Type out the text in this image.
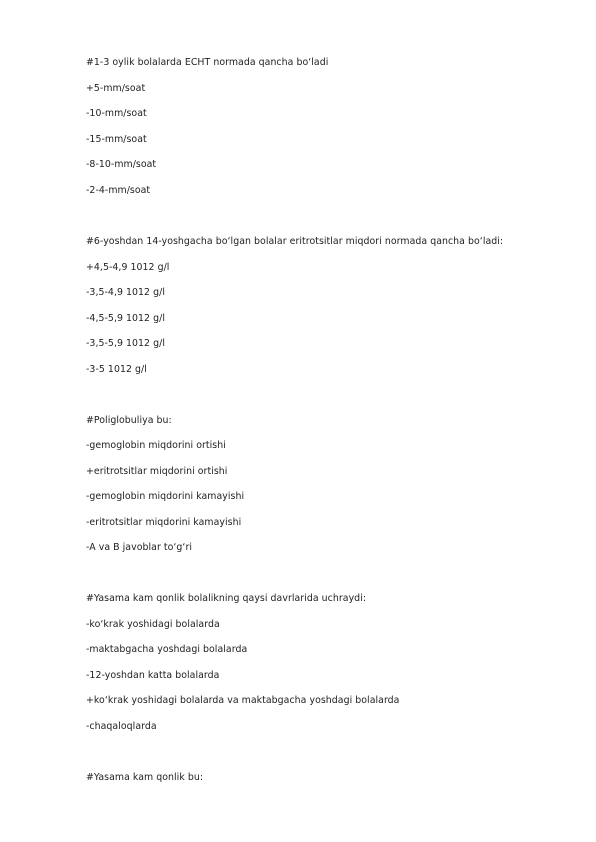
#1-3 oylik bolalarda ECHT normada qancha bo‘ladi
+5-mm/soat
-10-mm/soat
-15-mm/soat
-8-10-mm/soat
-2-4-mm/soat
#6-yoshdan 14-yoshgacha bo‘lgan bolalar eritrotsitlar miqdori normada qancha bo‘ladi:
+4,5-4,9 1012 g/l
-3,5-4,9 1012 g/l
-4,5-5,9 1012 g/l
-3,5-5,9 1012 g/l
-3-5 1012 g/l
#Poliglobuliya bu:
-gemoglobin miqdorini ortishi
+eritrotsitlar miqdorini ortishi
-gemoglobin miqdorini kamayishi
-eritrotsitlar miqdorini kamayishi
-A va B javoblar to‘g‘ri
#Yasama kam qonlik bolalikning qaysi davrlarida uchraydi:
-ko‘krak yoshidagi bolalarda
-maktabgacha yoshdagi bolalarda
-12-yoshdan katta bolalarda
+ko‘krak yoshidagi bolalarda va maktabgacha yoshdagi bolalarda
-chaqaloqlarda
#Yasama kam qonlik bu:
